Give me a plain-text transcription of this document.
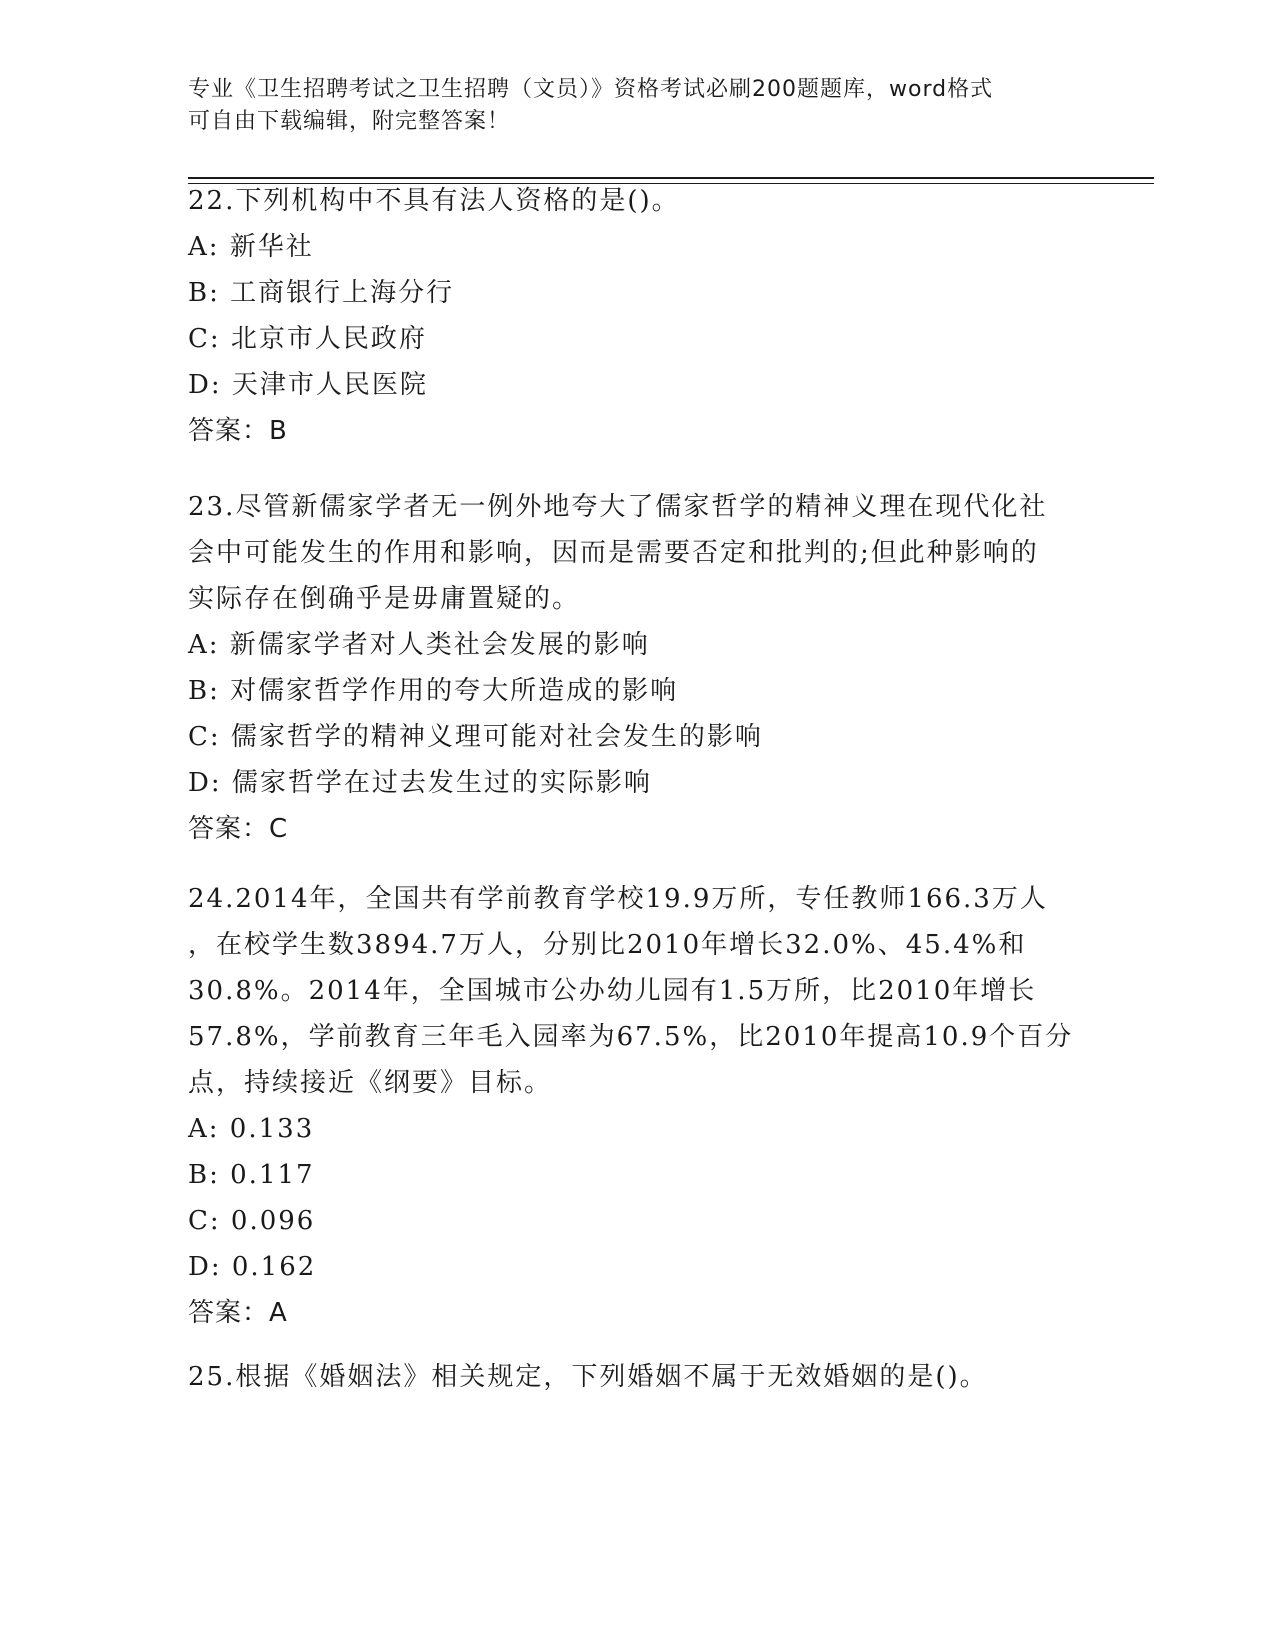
专业《卫生招聘考试之卫生招聘（文员）》资格考试必刷200题题库，word格式
可自由下载编辑，附完整答案！

22.下列机构中不具有法人资格的是()。

A: 新华社

B: 工商银行上海分行

C: 北京市人民政府

D: 天津市人民医院

答案：B

23.尽管新儒家学者无一例外地夸大了儒家哲学的精神义理在现代化社

会中可能发生的作用和影响，因而是需要否定和批判的;但此种影响的

实际存在倒确乎是毋庸置疑的。

A: 新儒家学者对人类社会发展的影响

B: 对儒家哲学作用的夸大所造成的影响

C: 儒家哲学的精神义理可能对社会发生的影响

D: 儒家哲学在过去发生过的实际影响

答案：C

24.2014年，全国共有学前教育学校19.9万所，专任教师166.3万人

，在校学生数3894.7万人，分别比2010年增长32.0%、45.4%和

30.8%。2014年，全国城市公办幼儿园有1.5万所，比2010年增长

57.8%，学前教育三年毛入园率为67.5%，比2010年提高10.9个百分

点，持续接近《纲要》目标。

A: 0.133

B: 0.117

C: 0.096

D: 0.162

答案：A

25.根据《婚姻法》相关规定，下列婚姻不属于无效婚姻的是()。
